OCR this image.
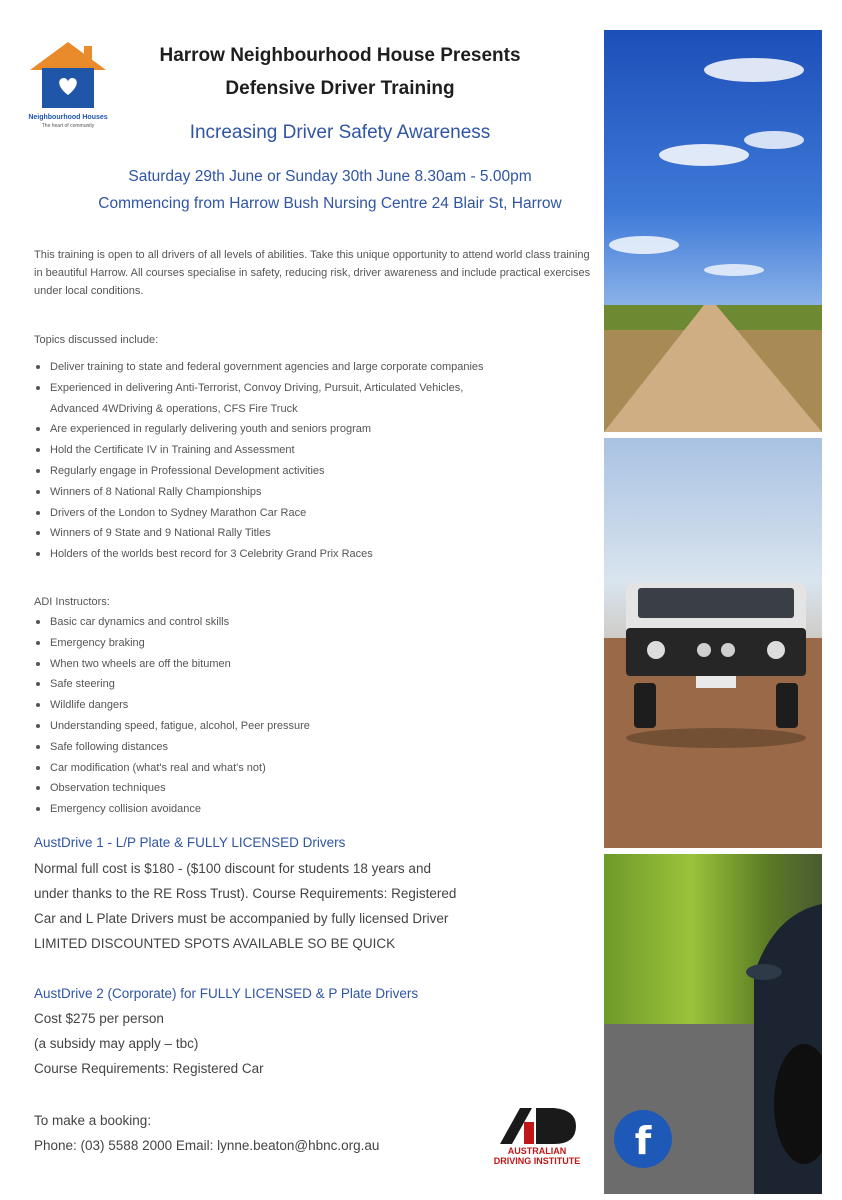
Neighbourhood Houses
The heart of community
Harrow Neighbourhood House Presents
Defensive Driver Training
Increasing Driver Safety Awareness
Saturday 29th June or Sunday 30th June 8.30am - 5.00pm
Commencing from Harrow Bush Nursing Centre 24 Blair St, Harrow
This training is open to all drivers of all levels of abilities. Take this unique opportunity to attend world class training in beautiful Harrow. All courses specialise in safety, reducing risk, driver awareness and include practical exercises under local conditions.
Topics discussed include:
Deliver training to state and federal government agencies and large corporate companies
Experienced in delivering Anti-Terrorist, Convoy Driving, Pursuit, Articulated Vehicles,
Advanced 4WDriving & operations, CFS Fire Truck
Are experienced in regularly delivering youth and seniors program
Hold the Certificate IV in Training and Assessment
Regularly engage in Professional Development activities
Winners of 8 National Rally Championships
Drivers of the London to Sydney Marathon Car Race
Winners of 9 State and 9 National Rally Titles
Holders of the worlds best record for 3 Celebrity Grand Prix Races
ADI Instructors:
Basic car dynamics and control skills
Emergency braking
When two wheels are off the bitumen
Safe steering
Wildlife dangers
Understanding speed, fatigue, alcohol, Peer pressure
Safe following distances
Car modification (what's real and what's not)
Observation techniques
Emergency collision avoidance
AustDrive 1 - L/P Plate & FULLY LICENSED Drivers
Normal full cost is $180 - ($100 discount for students 18 years and
under thanks to the RE Ross Trust). Course Requirements: Registered
Car and L Plate Drivers must be accompanied by fully licensed Driver
LIMITED DISCOUNTED SPOTS AVAILABLE SO BE QUICK
AustDrive 2 (Corporate) for FULLY LICENSED & P Plate Drivers
Cost $275 per person
(a subsidy may apply – tbc)
Course Requirements: Registered Car
To make a booking:
Phone: (03) 5588 2000 Email: lynne.beaton@hbnc.org.au	AUSTRALIAN
DRIVING INSTITUTE	f
